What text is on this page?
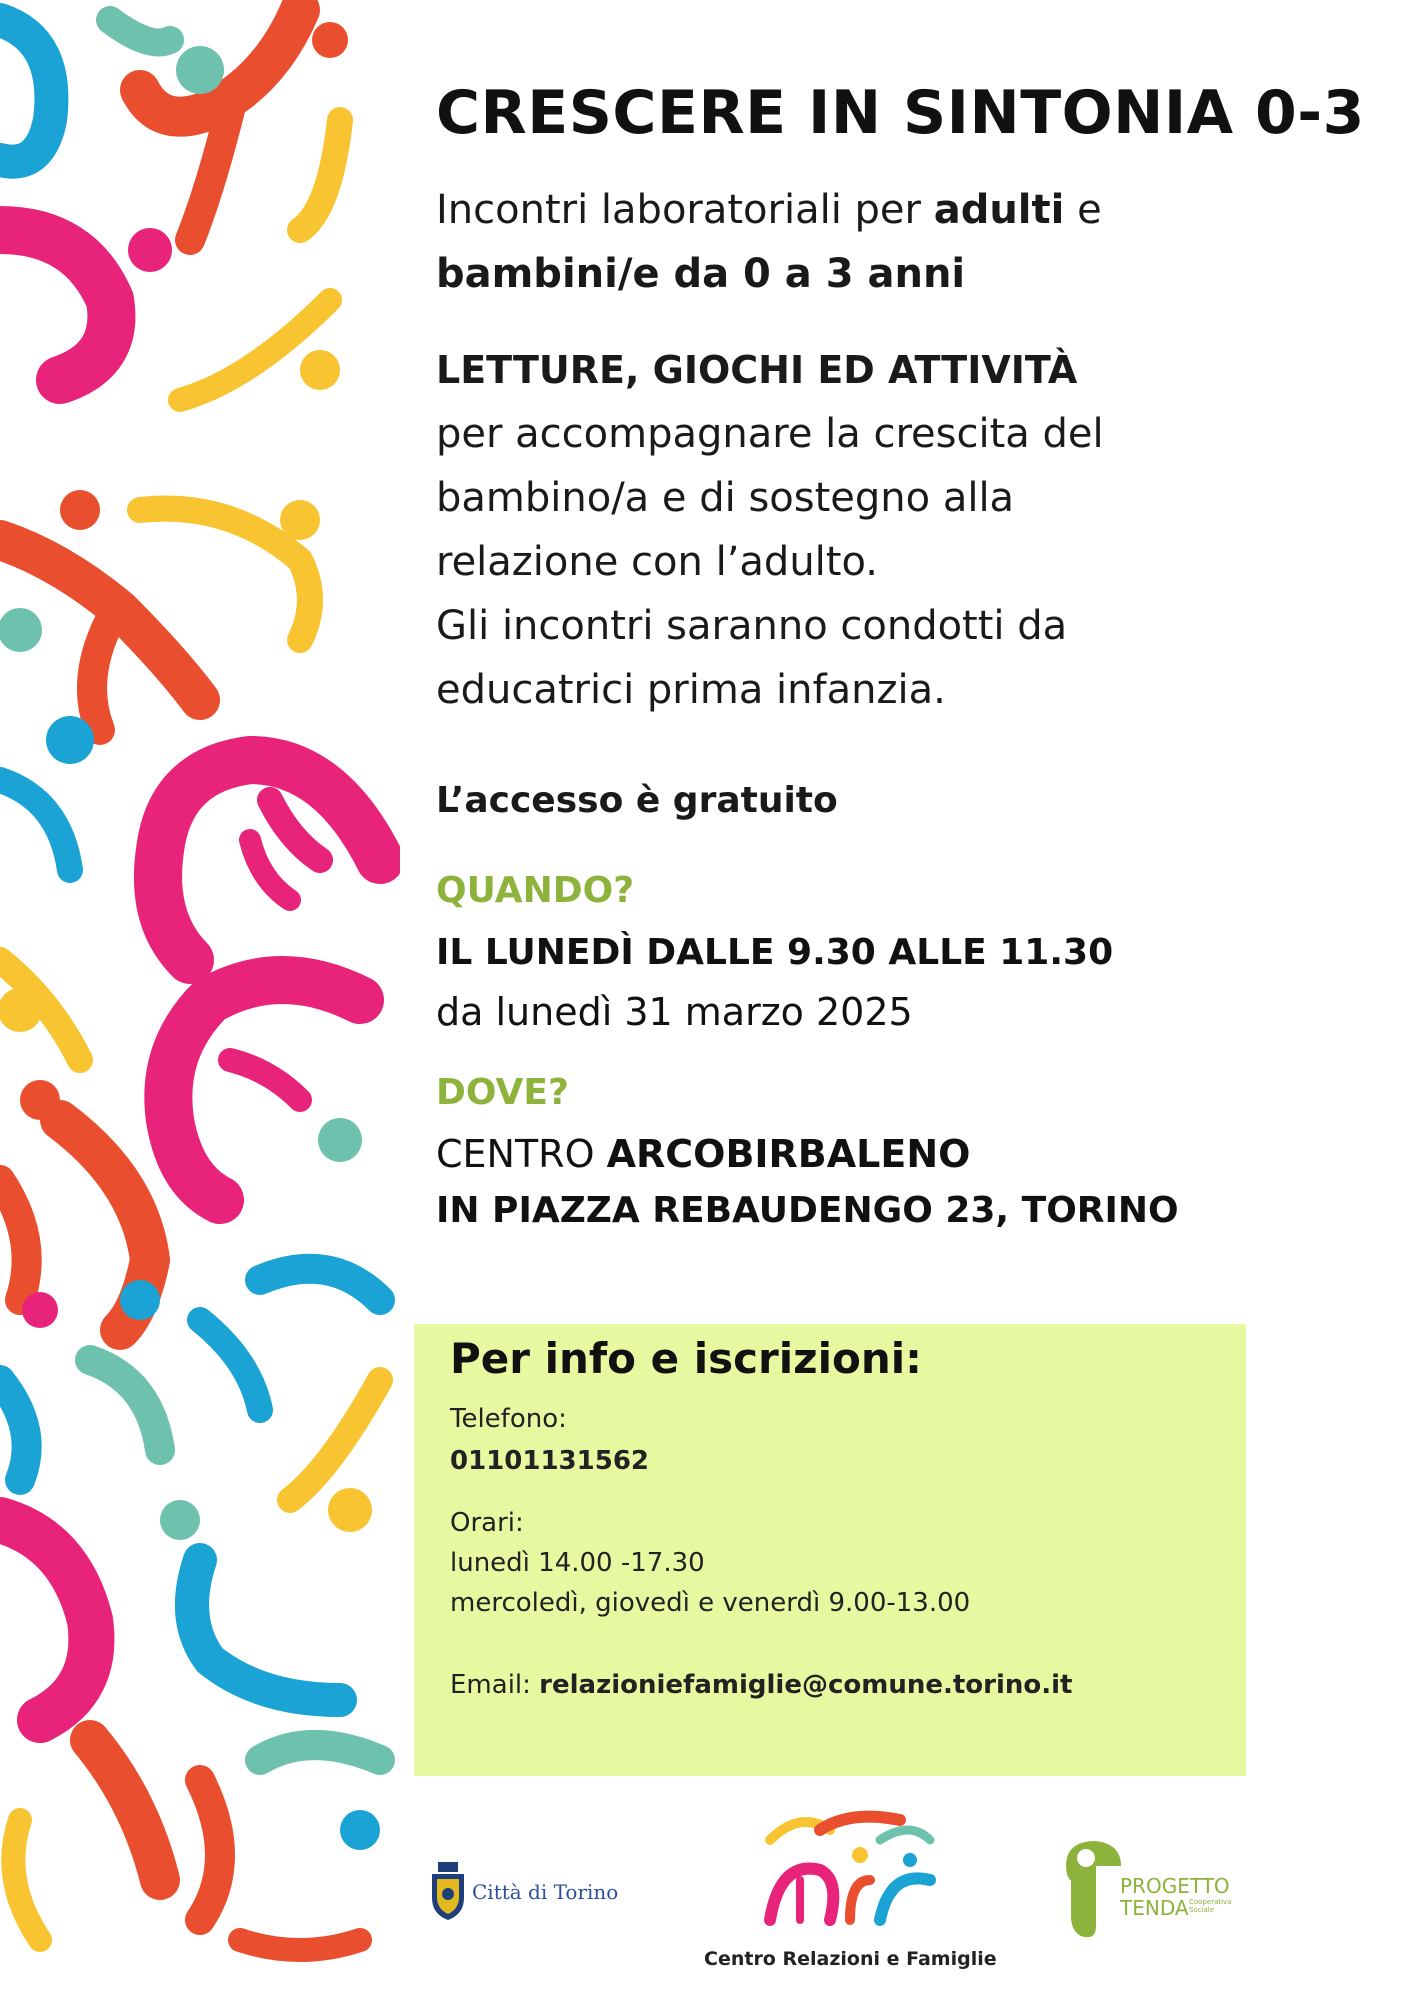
CRESCERE IN SINTONIA 0-3
Incontri laboratoriali per adulti e
bambini/e da 0 a 3 anni
LETTURE, GIOCHI ED ATTIVITÀ
per accompagnare la crescita del
bambino/a e di sostegno alla
relazione con l’adulto.
Gli incontri saranno condotti da
educatrici prima infanzia.
L’accesso è gratuito
QUANDO?
IL LUNEDÌ DALLE 9.30 ALLE 11.30
da lunedì 31 marzo 2025
DOVE?
CENTRO ARCOBIRBALENO
IN PIAZZA REBAUDENGO 23, TORINO
Per info e iscrizioni:
Telefono:
01101131562
Orari:
lunedì 14.00 -17.30
mercoledì, giovedì e venerdì 9.00-13.00
Email: relazioniefamiglie@comune.torino.it
Città di Torino
Centro Relazioni e Famiglie
PROGETTO
TENDA Cooperativa Sociale
